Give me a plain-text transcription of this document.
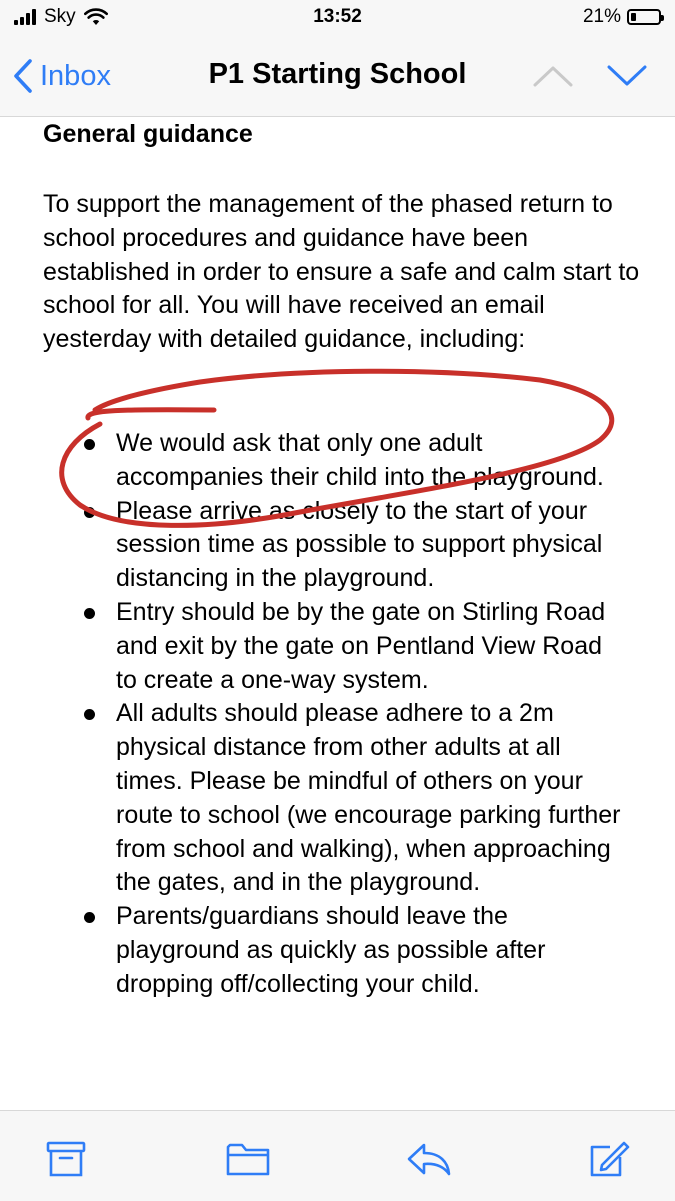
Sky	13:52	21%
Inbox	P1 Starting School
General guidance
To support the management of the phased return to school procedures and guidance have been established in order to ensure a safe and calm start to school for all. You will have received an email yesterday with detailed guidance, including:
We would ask that only one adult accompanies their child into the playground.
Please arrive as closely to the start of your session time as possible to support physical distancing in the playground.
Entry should be by the gate on Stirling Road and exit by the gate on Pentland View Road to create a one-way system.
All adults should please adhere to a 2m physical distance from other adults at all times. Please be mindful of others on your route to school (we encourage parking further from school and walking), when approaching the gates, and in the playground.
Parents/guardians should leave the playground as quickly as possible after dropping off/collecting your child.
